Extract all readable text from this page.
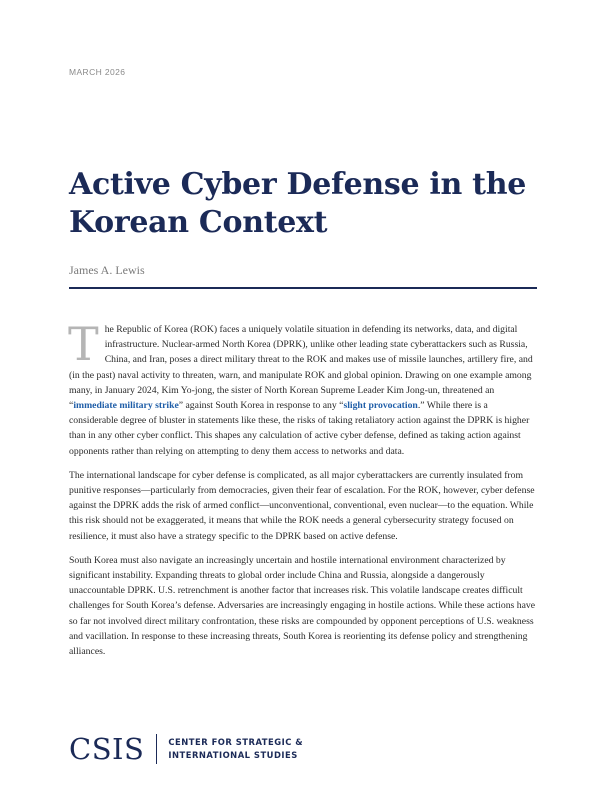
MARCH 2026
Active Cyber Defense in the Korean Context
James A. Lewis

The Republic of Korea (ROK) faces a uniquely volatile situation in defending its networks, data, and digital infrastructure. Nuclear-armed North Korea (DPRK), unlike other leading state cyberattackers such as Russia, China, and Iran, poses a direct military threat to the ROK and makes use of missile launches, artillery fire, and (in the past) naval activity to threaten, warn, and manipulate ROK and global opinion. Drawing on one example among many, in January 2024, Kim Yo-jong, the sister of North Korean Supreme Leader Kim Jong-un, threatened an “immediate military strike” against South Korea in response to any “slight provocation.” While there is a considerable degree of bluster in statements like these, the risks of taking retaliatory action against the DPRK is higher than in any other cyber conflict. This shapes any calculation of active cyber defense, defined as taking action against opponents rather than relying on attempting to deny them access to networks and data.

The international landscape for cyber defense is complicated, as all major cyberattackers are currently insulated from punitive responses—particularly from democracies, given their fear of escalation. For the ROK, however, cyber defense against the DPRK adds the risk of armed conflict—unconventional, conventional, even nuclear—to the equation. While this risk should not be exaggerated, it means that while the ROK needs a general cybersecurity strategy focused on resilience, it must also have a strategy specific to the DPRK based on active defense.

South Korea must also navigate an increasingly uncertain and hostile international environment characterized by significant instability. Expanding threats to global order include China and Russia, alongside a dangerously unaccountable DPRK. U.S. retrenchment is another factor that increases risk. This volatile landscape creates difficult challenges for South Korea’s defense. Adversaries are increasingly engaging in hostile actions. While these actions have so far not involved direct military confrontation, these risks are compounded by opponent perceptions of U.S. weakness and vacillation. In response to these increasing threats, South Korea is reorienting its defense policy and strengthening alliances.

CSIS	CENTER FOR STRATEGIC &
INTERNATIONAL STUDIES
